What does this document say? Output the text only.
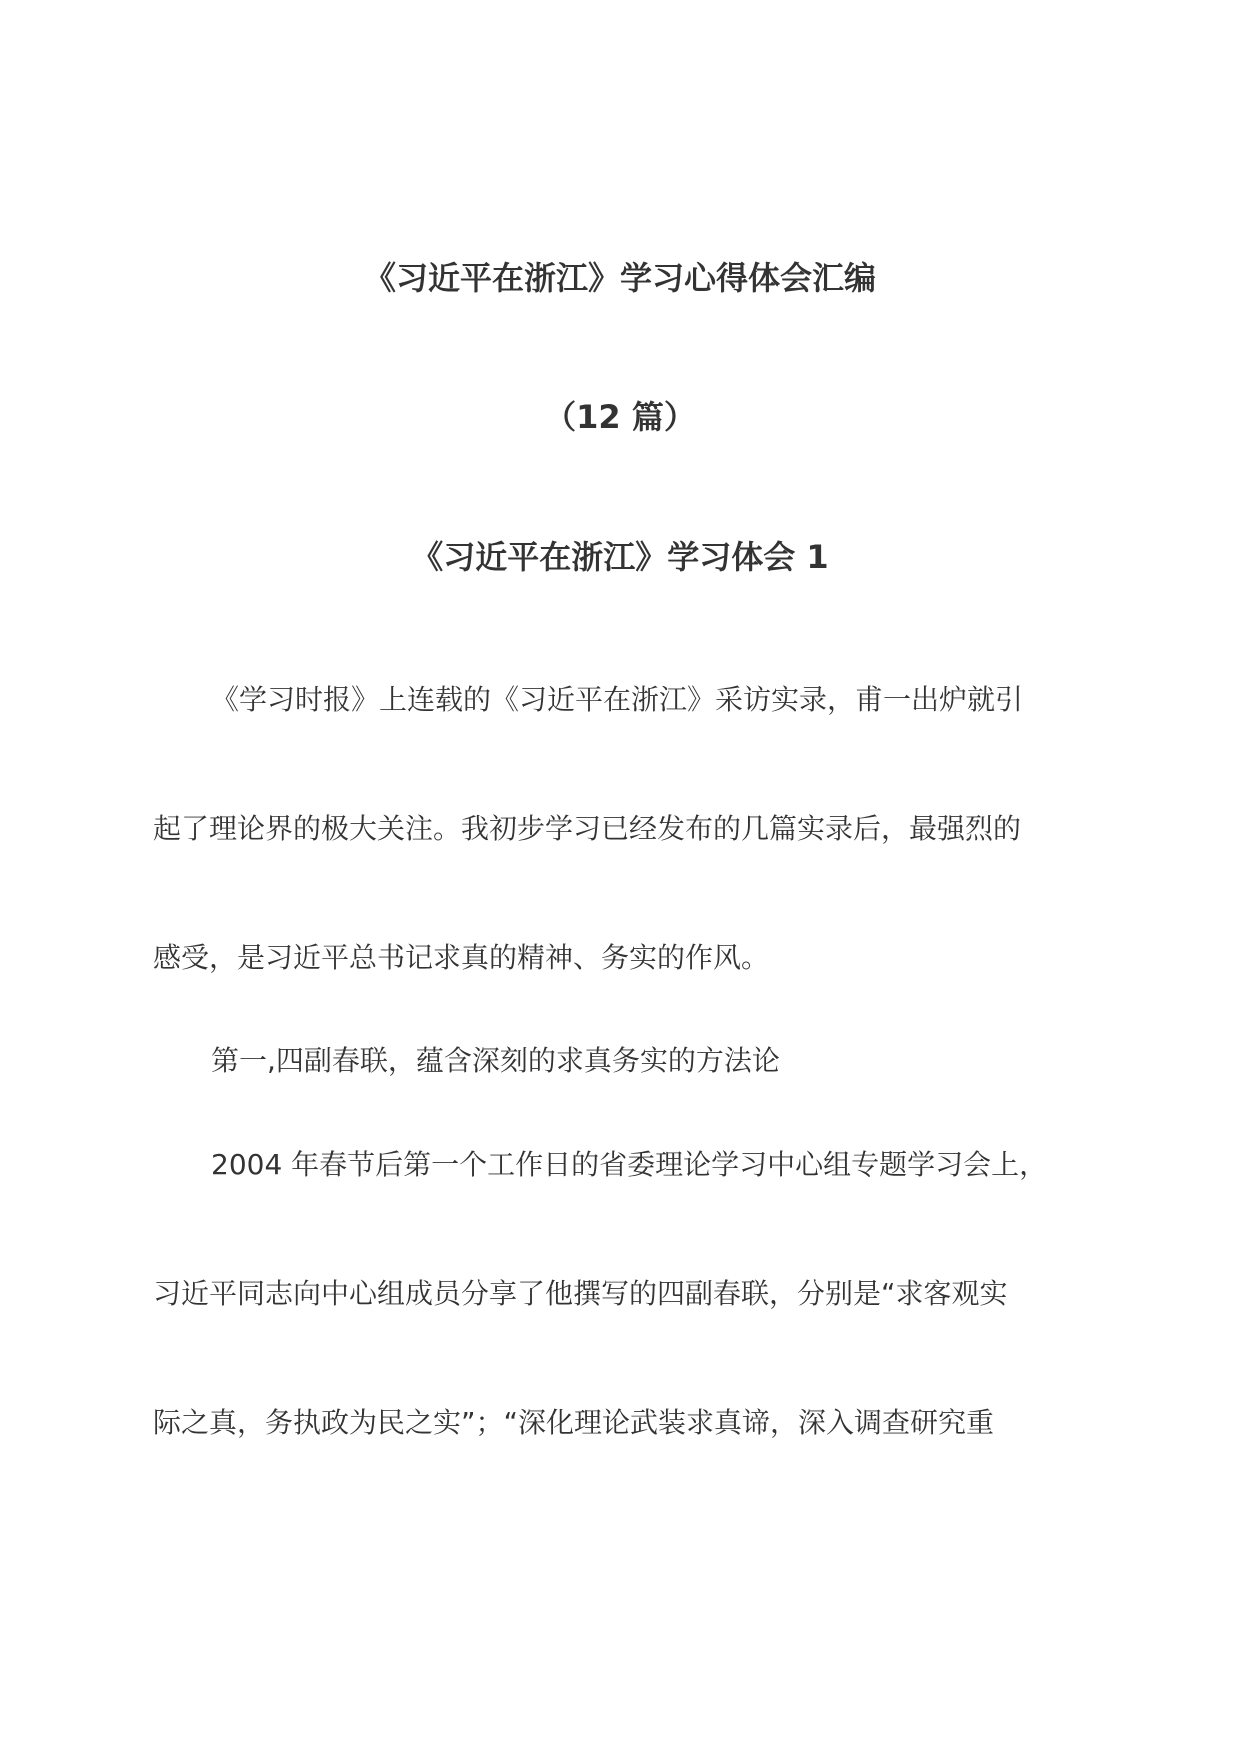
《习近平在浙江》学习心得体会汇编
（12 篇）
《习近平在浙江》学习体会 1
《学习时报》上连载的《习近平在浙江》采访实录，甫一出炉就引
起了理论界的极大关注。我初步学习已经发布的几篇实录后，最强烈的
感受，是习近平总书记求真的精神、务实的作风。
第一,四副春联，蕴含深刻的求真务实的方法论
2004 年春节后第一个工作日的省委理论学习中心组专题学习会上，
习近平同志向中心组成员分享了他撰写的四副春联，分别是“求客观实
际之真，务执政为民之实”；“深化理论武装求真谛，深入调查研究重
